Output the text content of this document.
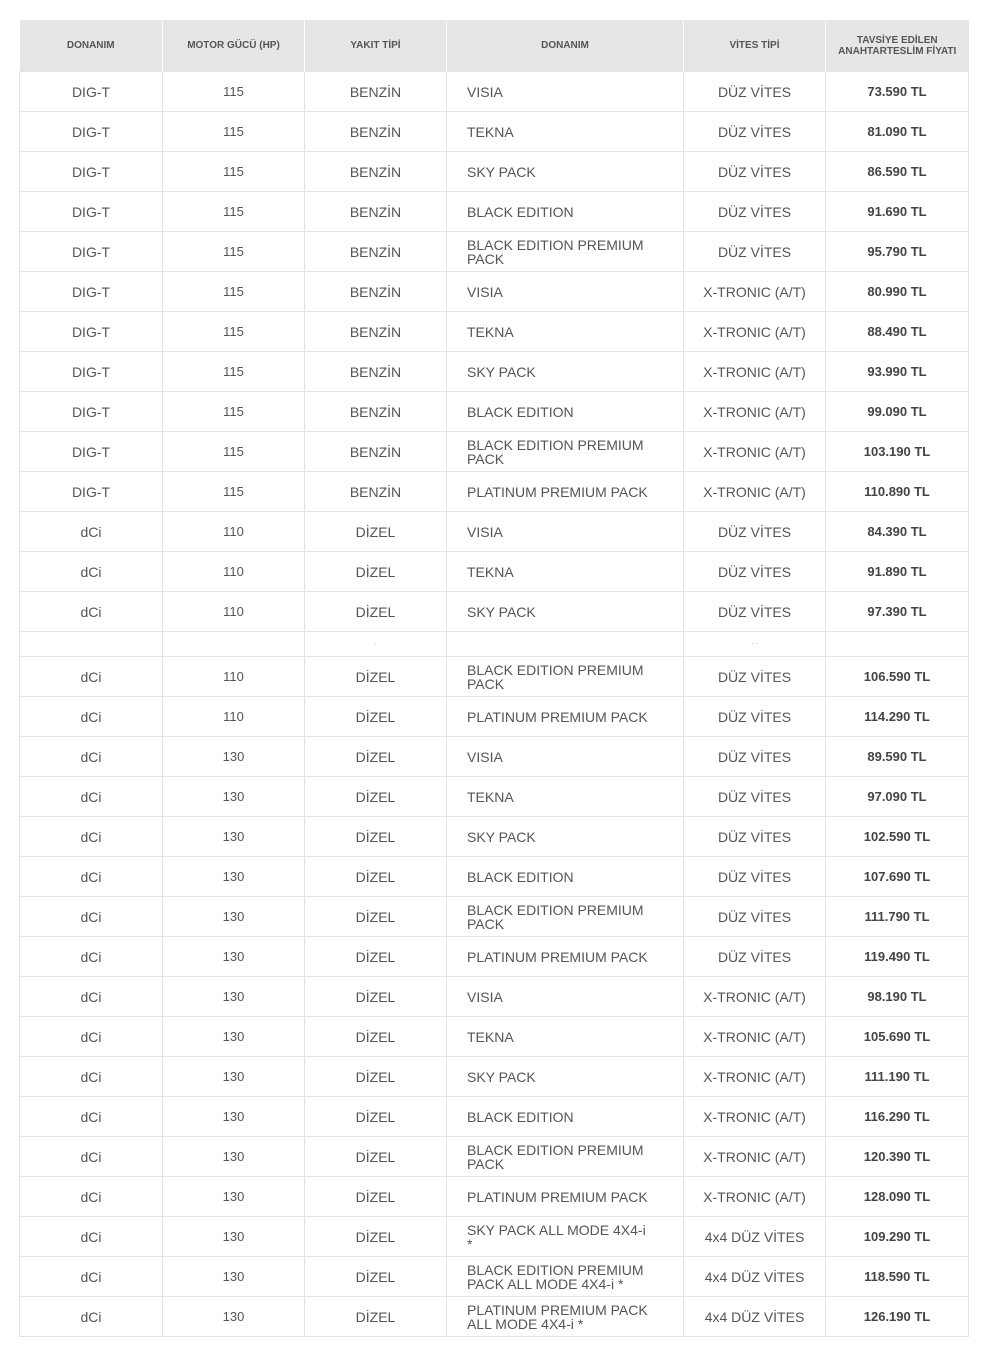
DONANIM	MOTOR GÜCÜ (HP)	YAKIT TİPİ	DONANIM	VİTES TİPİ	TAVSİYE EDİLEN ANAHTARTESLİM FİYATI
DIG-T	115	BENZİN	VISIA	DÜZ VİTES	73.590 TL
DIG-T	115	BENZİN	TEKNA	DÜZ VİTES	81.090 TL
DIG-T	115	BENZİN	SKY PACK	DÜZ VİTES	86.590 TL
DIG-T	115	BENZİN	BLACK EDITION	DÜZ VİTES	91.690 TL
DIG-T	115	BENZİN	BLACK EDITION PREMIUM PACK	DÜZ VİTES	95.790 TL
DIG-T	115	BENZİN	VISIA	X-TRONIC (A/T)	80.990 TL
DIG-T	115	BENZİN	TEKNA	X-TRONIC (A/T)	88.490 TL
DIG-T	115	BENZİN	SKY PACK	X-TRONIC (A/T)	93.990 TL
DIG-T	115	BENZİN	BLACK EDITION	X-TRONIC (A/T)	99.090 TL
DIG-T	115	BENZİN	BLACK EDITION PREMIUM PACK	X-TRONIC (A/T)	103.190 TL
DIG-T	115	BENZİN	PLATINUM PREMIUM PACK	X-TRONIC (A/T)	110.890 TL
dCi	110	DİZEL	VISIA	DÜZ VİTES	84.390 TL
dCi	110	DİZEL	TEKNA	DÜZ VİTES	91.890 TL
dCi	110	DİZEL	SKY PACK	DÜZ VİTES	97.390 TL
		·		· ·	
dCi	110	DİZEL	BLACK EDITION PREMIUM PACK	DÜZ VİTES	106.590 TL
dCi	110	DİZEL	PLATINUM PREMIUM PACK	DÜZ VİTES	114.290 TL
dCi	130	DİZEL	VISIA	DÜZ VİTES	89.590 TL
dCi	130	DİZEL	TEKNA	DÜZ VİTES	97.090 TL
dCi	130	DİZEL	SKY PACK	DÜZ VİTES	102.590 TL
dCi	130	DİZEL	BLACK EDITION	DÜZ VİTES	107.690 TL
dCi	130	DİZEL	BLACK EDITION PREMIUM PACK	DÜZ VİTES	111.790 TL
dCi	130	DİZEL	PLATINUM PREMIUM PACK	DÜZ VİTES	119.490 TL
dCi	130	DİZEL	VISIA	X-TRONIC (A/T)	98.190 TL
dCi	130	DİZEL	TEKNA	X-TRONIC (A/T)	105.690 TL
dCi	130	DİZEL	SKY PACK	X-TRONIC (A/T)	111.190 TL
dCi	130	DİZEL	BLACK EDITION	X-TRONIC (A/T)	116.290 TL
dCi	130	DİZEL	BLACK EDITION PREMIUM PACK	X-TRONIC (A/T)	120.390 TL
dCi	130	DİZEL	PLATINUM PREMIUM PACK	X-TRONIC (A/T)	128.090 TL
dCi	130	DİZEL	SKY PACK ALL MODE 4X4-i *	4x4 DÜZ VİTES	109.290 TL
dCi	130	DİZEL	BLACK EDITION PREMIUM PACK ALL MODE 4X4-i *	4x4 DÜZ VİTES	118.590 TL
dCi	130	DİZEL	PLATINUM PREMIUM PACK ALL MODE 4X4-i *	4x4 DÜZ VİTES	126.190 TL
